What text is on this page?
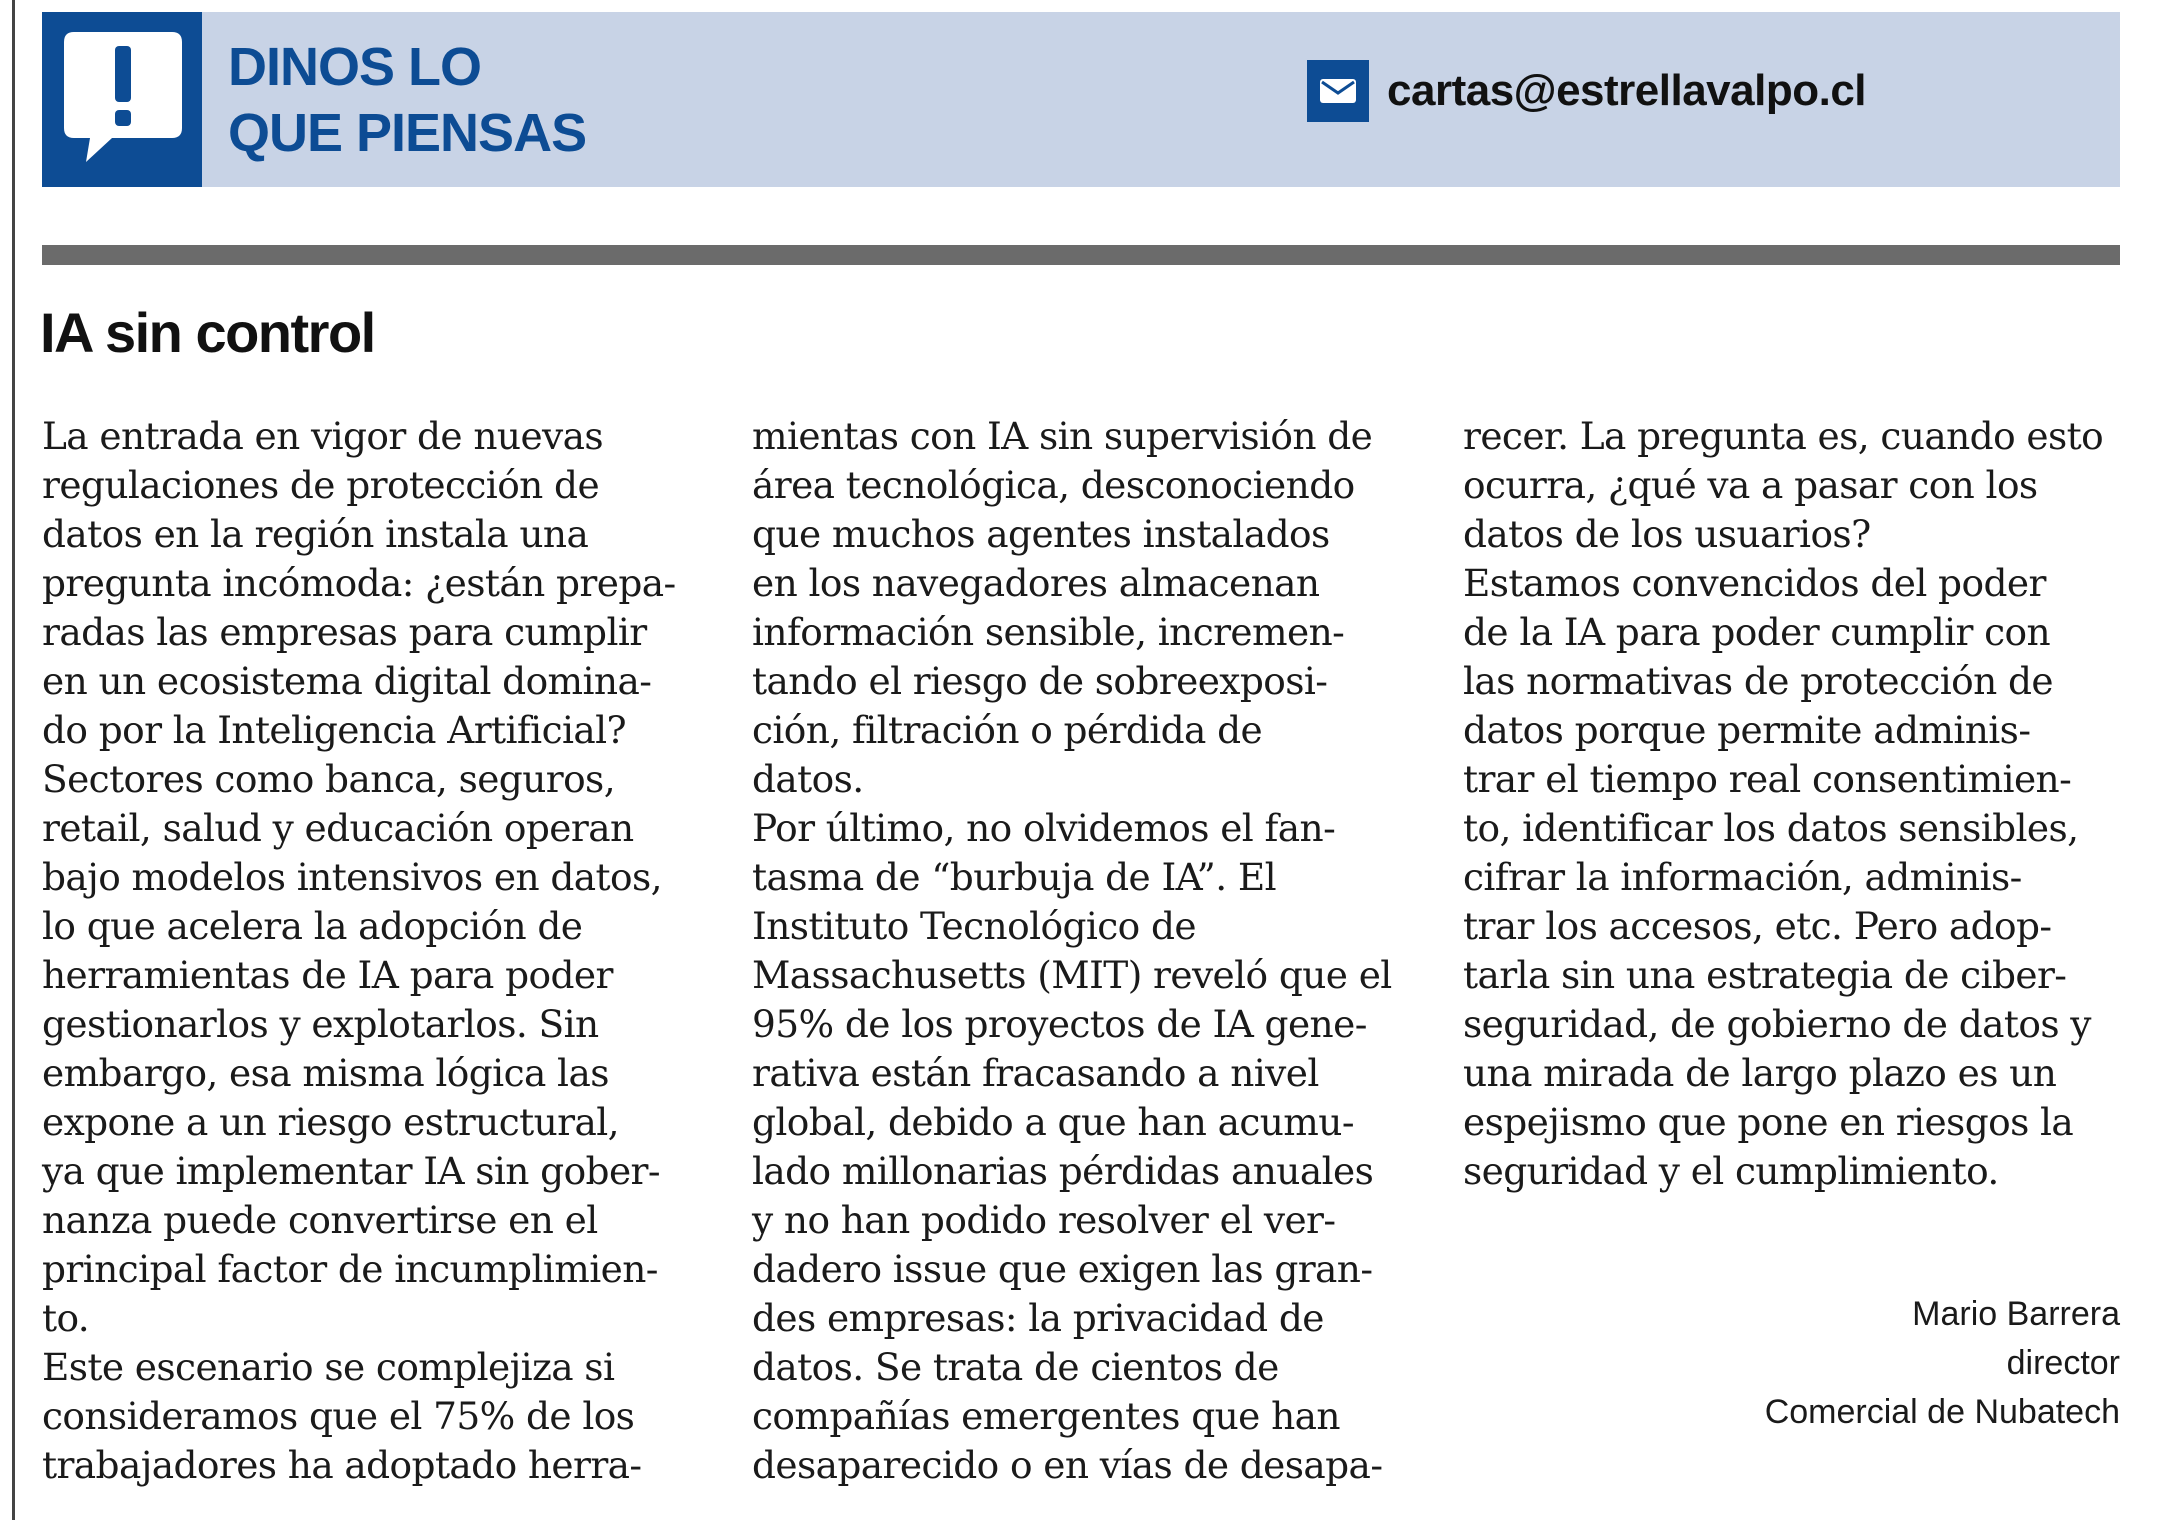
DINOS LO
QUE PIENSAS
cartas@estrellavalpo.cl
IA sin control
La entrada en vigor de nuevas
regulaciones de protección de
datos en la región instala una
pregunta incómoda: ¿están prepa-
radas las empresas para cumplir
en un ecosistema digital domina-
do por la Inteligencia Artificial?
Sectores como banca, seguros,
retail, salud y educación operan
bajo modelos intensivos en datos,
lo que acelera la adopción de
herramientas de IA para poder
gestionarlos y explotarlos. Sin
embargo, esa misma lógica las
expone a un riesgo estructural,
ya que implementar IA sin gober-
nanza puede convertirse en el
principal factor de incumplimien-
to.
Este escenario se complejiza si
consideramos que el 75% de los
trabajadores ha adoptado herra-
mientas con IA sin supervisión de
área tecnológica, desconociendo
que muchos agentes instalados
en los navegadores almacenan
información sensible, incremen-
tando el riesgo de sobreexposi-
ción, filtración o pérdida de
datos.
Por último, no olvidemos el fan-
tasma de “burbuja de IA”. El
Instituto Tecnológico de
Massachusetts (MIT) reveló que el
95% de los proyectos de IA gene-
rativa están fracasando a nivel
global, debido a que han acumu-
lado millonarias pérdidas anuales
y no han podido resolver el ver-
dadero issue que exigen las gran-
des empresas: la privacidad de
datos. Se trata de cientos de
compañías emergentes que han
desaparecido o en vías de desapa-
recer. La pregunta es, cuando esto
ocurra, ¿qué va a pasar con los
datos de los usuarios?
Estamos convencidos del poder
de la IA para poder cumplir con
las normativas de protección de
datos porque permite adminis-
trar el tiempo real consentimien-
to, identificar los datos sensibles,
cifrar la información, adminis-
trar los accesos, etc. Pero adop-
tarla sin una estrategia de ciber-
seguridad, de gobierno de datos y
una mirada de largo plazo es un
espejismo que pone en riesgos la
seguridad y el cumplimiento.
Mario Barrera
director
Comercial de Nubatech
